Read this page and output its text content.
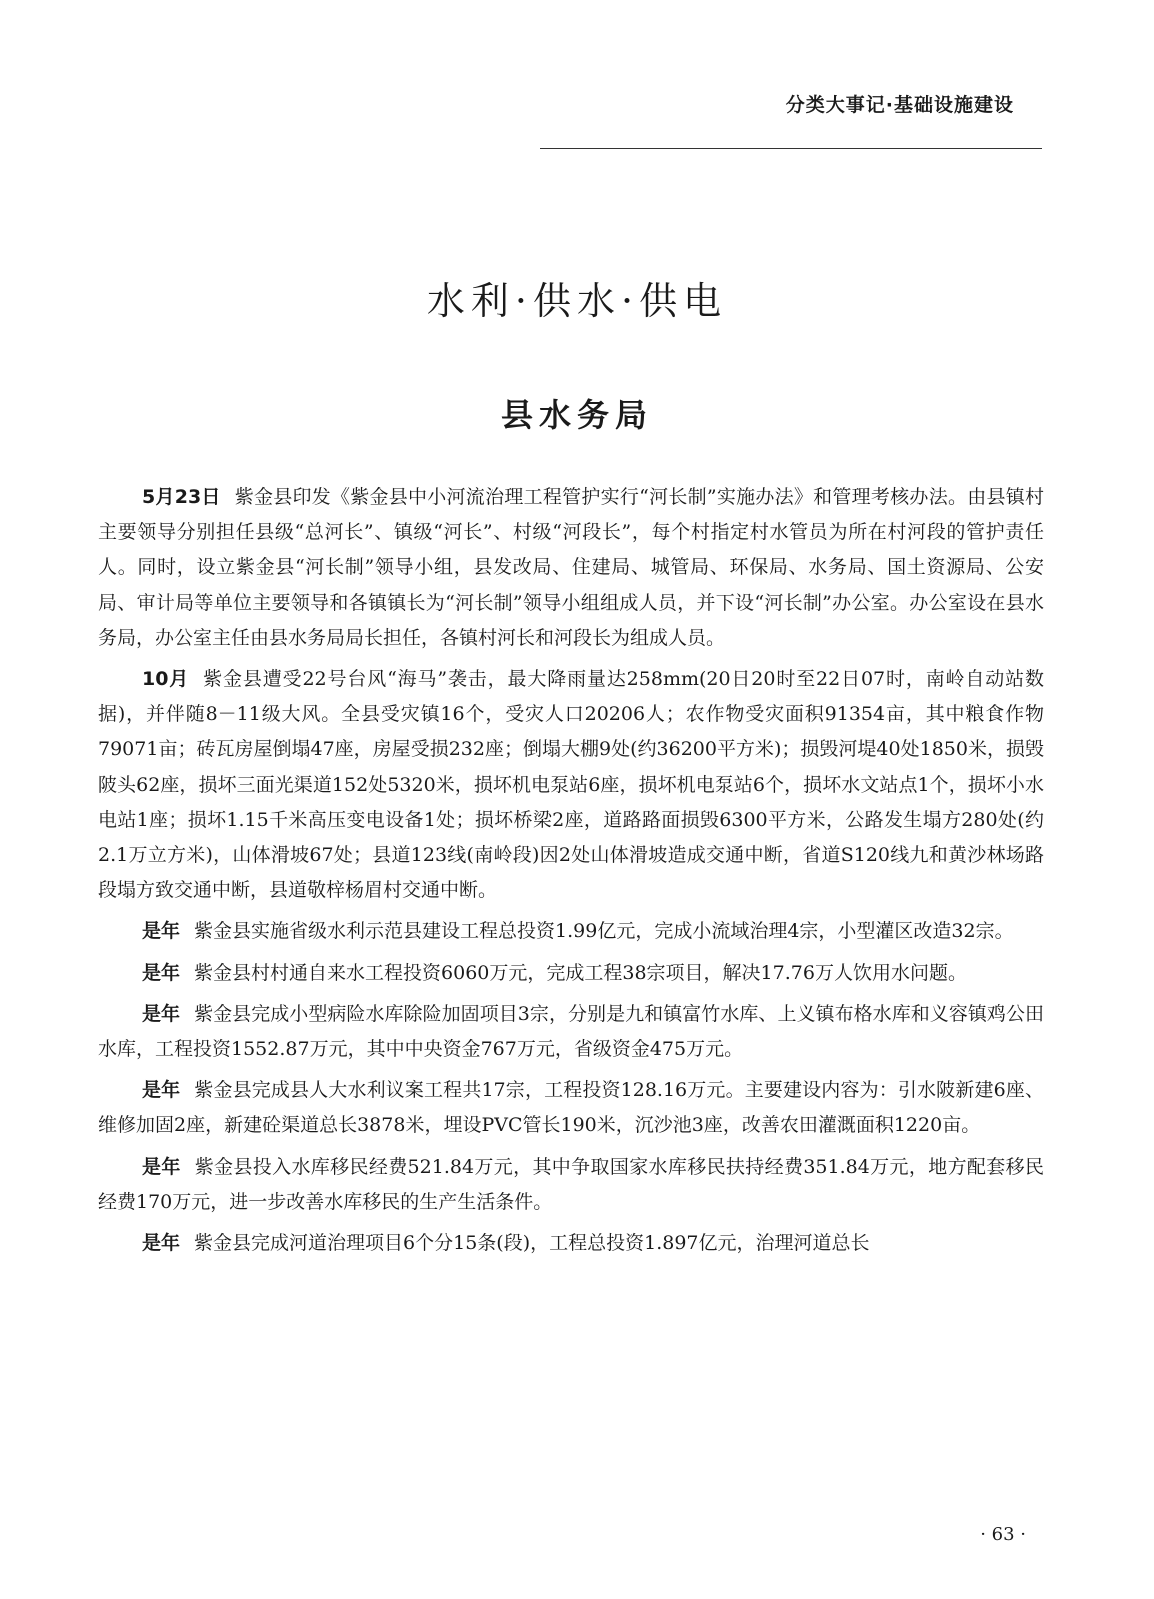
分类大事记·基础设施建设
水利·供水·供电
县水务局

5月23日 紫金县印发《紫金县中小河流治理工程管护实行“河长制”实施办法》和管理考核办法。由县镇村主要领导分别担任县级“总河长”、镇级“河长”、村级“河段长”，每个村指定村水管员为所在村河段的管护责任人。同时，设立紫金县“河长制”领导小组，县发改局、住建局、城管局、环保局、水务局、国土资源局、公安局、审计局等单位主要领导和各镇镇长为“河长制”领导小组组成人员，并下设“河长制”办公室。办公室设在县水务局，办公室主任由县水务局局长担任，各镇村河长和河段长为组成人员。

10月 紫金县遭受22号台风“海马”袭击，最大降雨量达258mm(20日20时至22日07时，南岭自动站数据)，并伴随8－11级大风。全县受灾镇16个，受灾人口20206人；农作物受灾面积91354亩，其中粮食作物79071亩；砖瓦房屋倒塌47座，房屋受损232座；倒塌大棚9处(约36200平方米)；损毁河堤40处1850米，损毁陂头62座，损坏三面光渠道152处5320米，损坏机电泵站6座，损坏机电泵站6个，损坏水文站点1个，损坏小水电站1座；损坏1.15千米高压变电设备1处；损坏桥梁2座，道路路面损毁6300平方米，公路发生塌方280处(约2.1万立方米)，山体滑坡67处；县道123线(南岭段)因2处山体滑坡造成交通中断，省道S120线九和黄沙林场路段塌方致交通中断，县道敬梓杨眉村交通中断。

是年 紫金县实施省级水利示范县建设工程总投资1.99亿元，完成小流域治理4宗，小型灌区改造32宗。

是年 紫金县村村通自来水工程投资6060万元，完成工程38宗项目，解决17.76万人饮用水问题。

是年 紫金县完成小型病险水库除险加固项目3宗，分别是九和镇富竹水库、上义镇布格水库和义容镇鸡公田水库，工程投资1552.87万元，其中中央资金767万元，省级资金475万元。

是年 紫金县完成县人大水利议案工程共17宗，工程投资128.16万元。主要建设内容为：引水陂新建6座、维修加固2座，新建砼渠道总长3878米，埋设PVC管长190米，沉沙池3座，改善农田灌溉面积1220亩。

是年 紫金县投入水库移民经费521.84万元，其中争取国家水库移民扶持经费351.84万元，地方配套移民经费170万元，进一步改善水库移民的生产生活条件。

是年 紫金县完成河道治理项目6个分15条(段)，工程总投资1.897亿元，治理河道总长

· 63 ·
